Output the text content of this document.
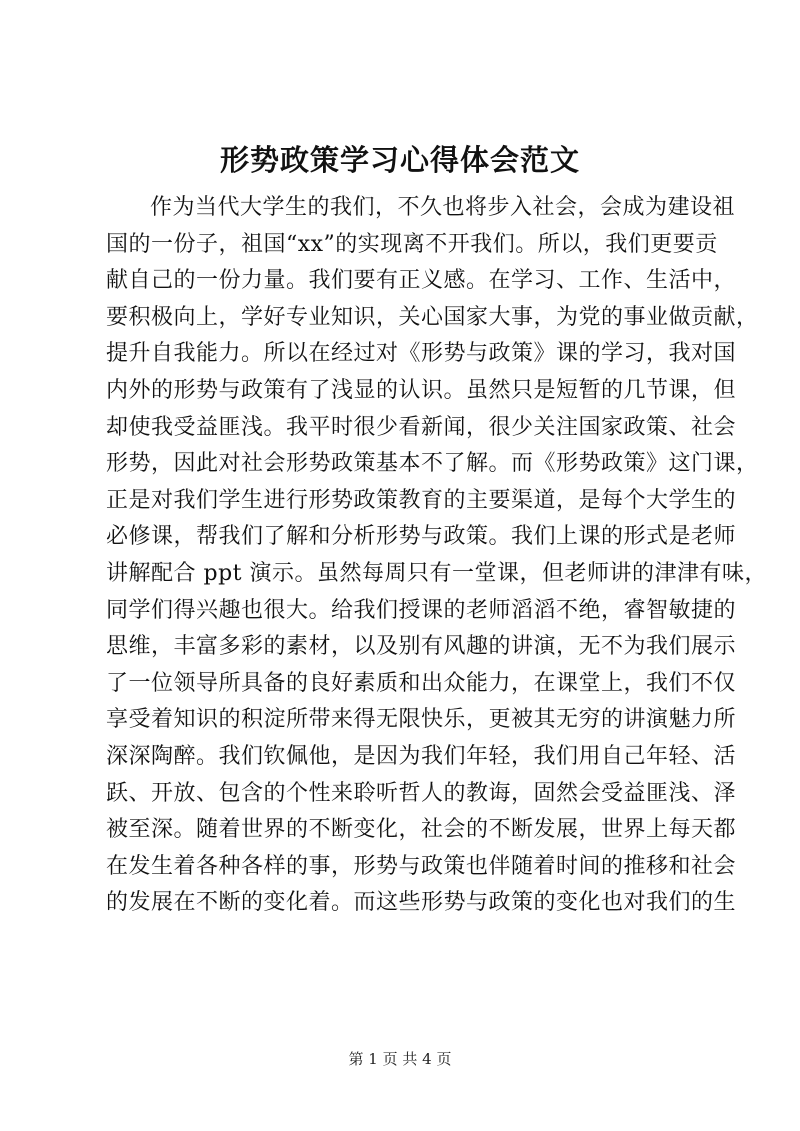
形势政策学习心得体会范文
作为当代大学生的我们，不久也将步入社会，会成为建设祖
国的一份子，祖国“xx”的实现离不开我们。所以，我们更要贡
献自己的一份力量。我们要有正义感。在学习、工作、生活中，
要积极向上，学好专业知识，关心国家大事，为党的事业做贡献，
提升自我能力。所以在经过对《形势与政策》课的学习，我对国
内外的形势与政策有了浅显的认识。虽然只是短暂的几节课，但
却使我受益匪浅。我平时很少看新闻，很少关注国家政策、社会
形势，因此对社会形势政策基本不了解。而《形势政策》这门课，
正是对我们学生进行形势政策教育的主要渠道，是每个大学生的
必修课，帮我们了解和分析形势与政策。我们上课的形式是老师
讲解配合 ppt 演示。虽然每周只有一堂课，但老师讲的津津有味，
同学们得兴趣也很大。给我们授课的老师滔滔不绝，睿智敏捷的
思维，丰富多彩的素材，以及别有风趣的讲演，无不为我们展示
了一位领导所具备的良好素质和出众能力，在课堂上，我们不仅
享受着知识的积淀所带来得无限快乐，更被其无穷的讲演魅力所
深深陶醉。我们钦佩他，是因为我们年轻，我们用自己年轻、活
跃、开放、包含的个性来聆听哲人的教诲，固然会受益匪浅、泽
被至深。随着世界的不断变化，社会的不断发展，世界上每天都
在发生着各种各样的事，形势与政策也伴随着时间的推移和社会
的发展在不断的变化着。而这些形势与政策的变化也对我们的生
第 1 页 共 4 页
